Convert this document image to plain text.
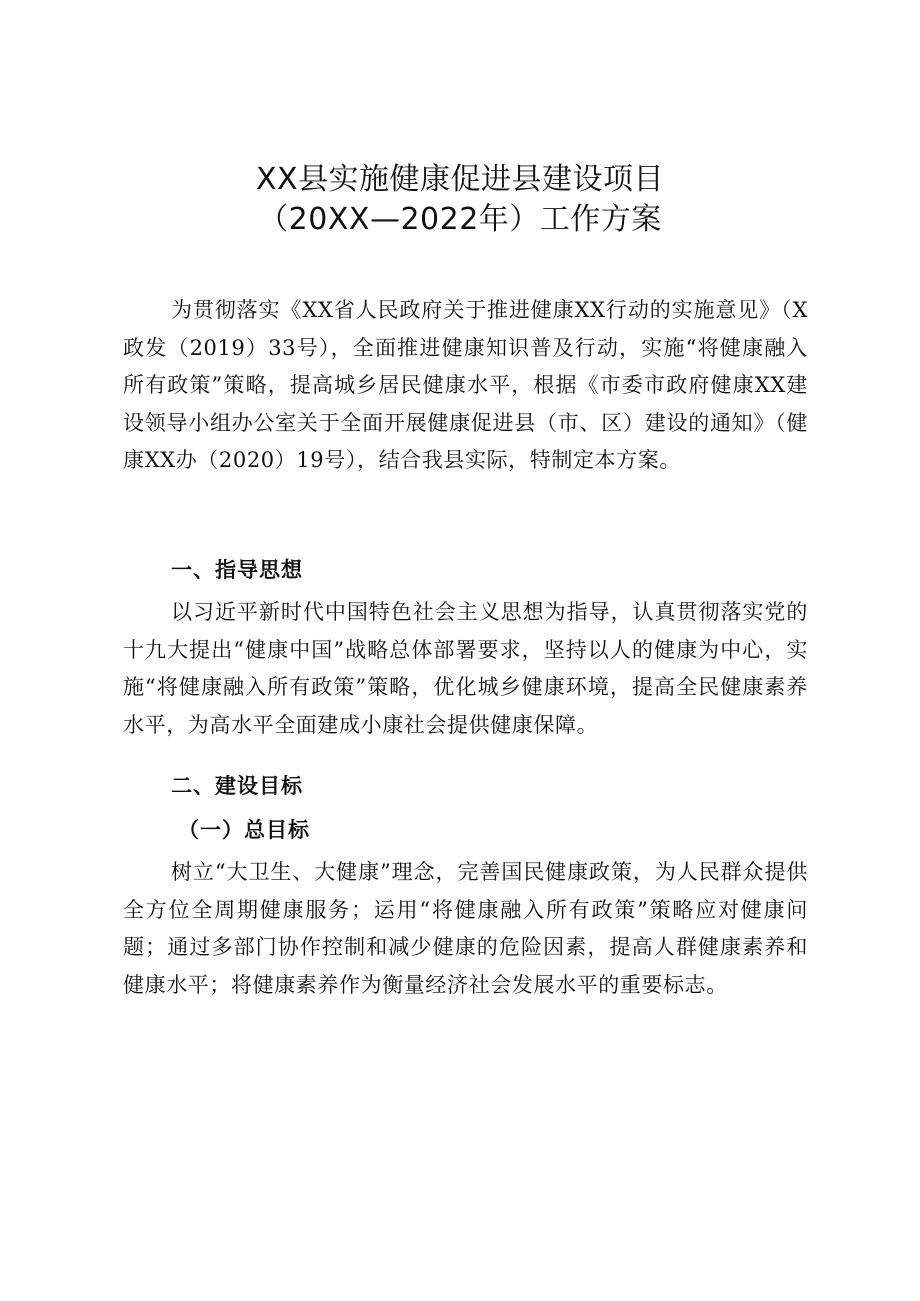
XX县实施健康促进县建设项目
（20XX—2022年）工作方案

为贯彻落实《XX省人民政府关于推进健康XX行动的实施意见》（X政发（2019）33号），全面推进健康知识普及行动，实施“将健康融入所有政策”策略，提高城乡居民健康水平，根据《市委市政府健康XX建设领导小组办公室关于全面开展健康促进县（市、区）建设的通知》（健康XX办（2020）19号），结合我县实际，特制定本方案。

一、指导思想

以习近平新时代中国特色社会主义思想为指导，认真贯彻落实党的十九大提出“健康中国”战略总体部署要求，坚持以人的健康为中心，实施“将健康融入所有政策”策略，优化城乡健康环境，提高全民健康素养水平，为高水平全面建成小康社会提供健康保障。

二、建设目标
（一）总目标

树立“大卫生、大健康”理念，完善国民健康政策，为人民群众提供全方位全周期健康服务；运用“将健康融入所有政策”策略应对健康问题；通过多部门协作控制和减少健康的危险因素，提高人群健康素养和健康水平；将健康素养作为衡量经济社会发展水平的重要标志。
